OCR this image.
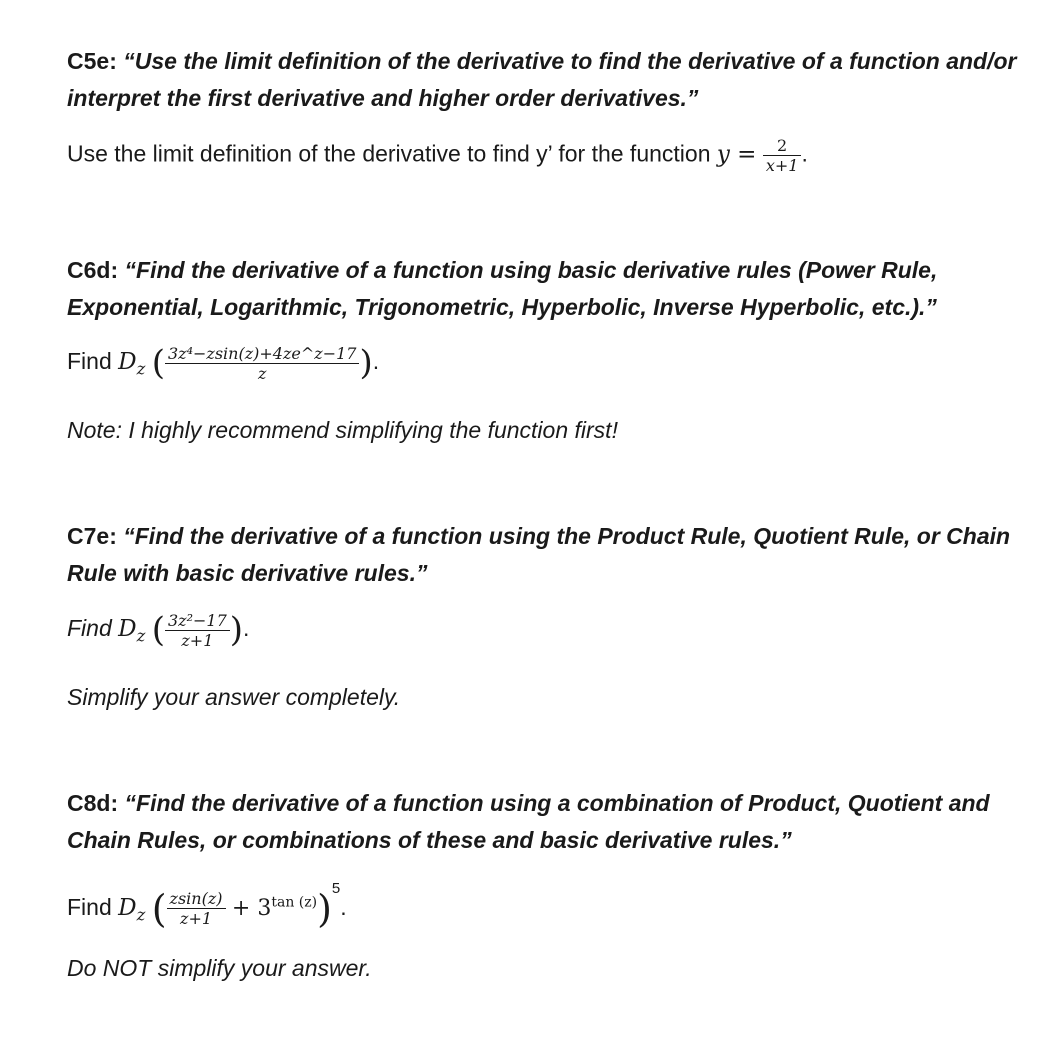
C5e: “Use the limit definition of the derivative to find the derivative of a function and/or interpret the first derivative and higher order derivatives.”

Use the limit definition of the derivative to find y’ for the function $y = \frac{2}{x+1}$ .

C6d: “Find the derivative of a function using basic derivative rules (Power Rule, Exponential, Logarithmic, Trigonometric, Hyperbolic, Inverse Hyperbolic, etc.).”

Find $D_z$ ( $\frac{\text{3z⁴−zsin(z)+4ze\textasciicircum{}z−17}}{z}$ ).
Note: I highly recommend simplifying the function first!

C7e: “Find the derivative of a function using the Product Rule, Quotient Rule, or Chain Rule with basic derivative rules.”

Find $D_z$ ( $\frac{\text{3z²−17}}{z+1}$ ).
Simplify your answer completely.

C8d: “Find the derivative of a function using a combination of Product, Quotient and Chain Rules, or combinations of these and basic derivative rules.”

Find $D_z$ ( $\frac{zsin(z)}{z+1} + 3^{tan (z)})^5$.
Do NOT simplify your answer.
